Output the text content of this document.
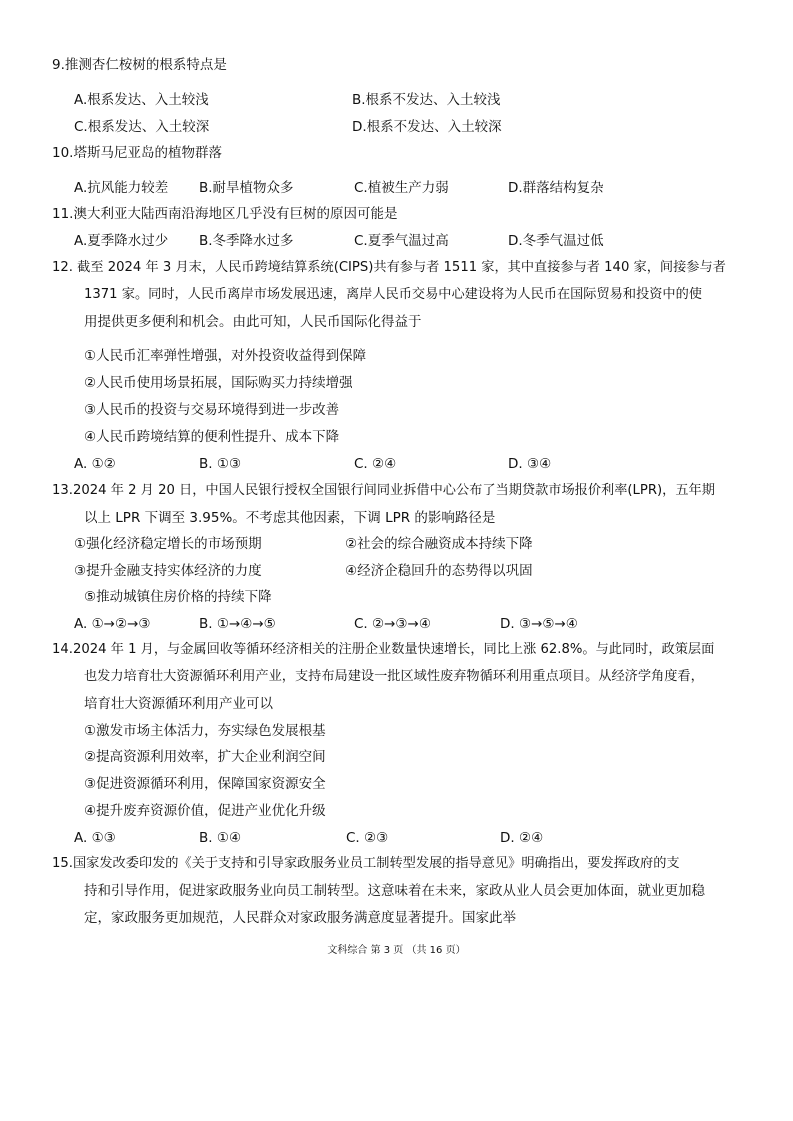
9.推测杏仁桉树的根系特点是
A.根系发达、入土较浅	B.根系不发达、入土较浅
C.根系发达、入土较深	D.根系不发达、入土较深
10.塔斯马尼亚岛的植物群落
A.抗风能力较差 B.耐旱植物众多	C.植被生产力弱	D.群落结构复杂
11.澳大利亚大陆西南沿海地区几乎没有巨树的原因可能是
A.夏季降水过少 B.冬季降水过多	C.夏季气温过高	D.冬季气温过低
12. 截至 2024 年 3 月末，人民币跨境结算系统(CIPS)共有参与者 1511 家，其中直接参与者 140 家，间接参与者
1371 家。同时，人民币离岸市场发展迅速，离岸人民币交易中心建设将为人民币在国际贸易和投资中的使
用提供更多便利和机会。由此可知，人民币国际化得益于
①人民币汇率弹性增强，对外投资收益得到保障
②人民币使用场景拓展，国际购买力持续增强
③人民币的投资与交易环境得到进一步改善
④人民币跨境结算的便利性提升、成本下降
A. ①②	B. ①③	C. ②④	D. ③④
13.2024 年 2 月 20 日，中国人民银行授权全国银行间同业拆借中心公布了当期贷款市场报价利率(LPR)，五年期
以上 LPR 下调至 3.95%。不考虑其他因素，下调 LPR 的影响路径是
①强化经济稳定增长的市场预期	②社会的综合融资成本持续下降
③提升金融支持实体经济的力度	④经济企稳回升的态势得以巩固
⑤推动城镇住房价格的持续下降
A. ①→②→③	B. ①→④→⑤	C. ②→③→④	D. ③→⑤→④
14.2024 年 1 月，与金属回收等循环经济相关的注册企业数量快速增长，同比上涨 62.8%。与此同时，政策层面
也发力培育壮大资源循环利用产业，支持布局建设一批区域性废弃物循环利用重点项目。从经济学角度看，
培育壮大资源循环利用产业可以
①激发市场主体活力，夯实绿色发展根基
②提高资源利用效率，扩大企业利润空间
③促进资源循环利用，保障国家资源安全
④提升废弃资源价值，促进产业优化升级
A. ①③	B. ①④	C. ②③	D. ②④
15.国家发改委印发的《关于支持和引导家政服务业员工制转型发展的指导意见》明确指出，要发挥政府的支
持和引导作用，促进家政服务业向员工制转型。这意味着在未来，家政从业人员会更加体面，就业更加稳
定，家政服务更加规范，人民群众对家政服务满意度显著提升。国家此举
文科综合 第 3 页 （共 16 页）
